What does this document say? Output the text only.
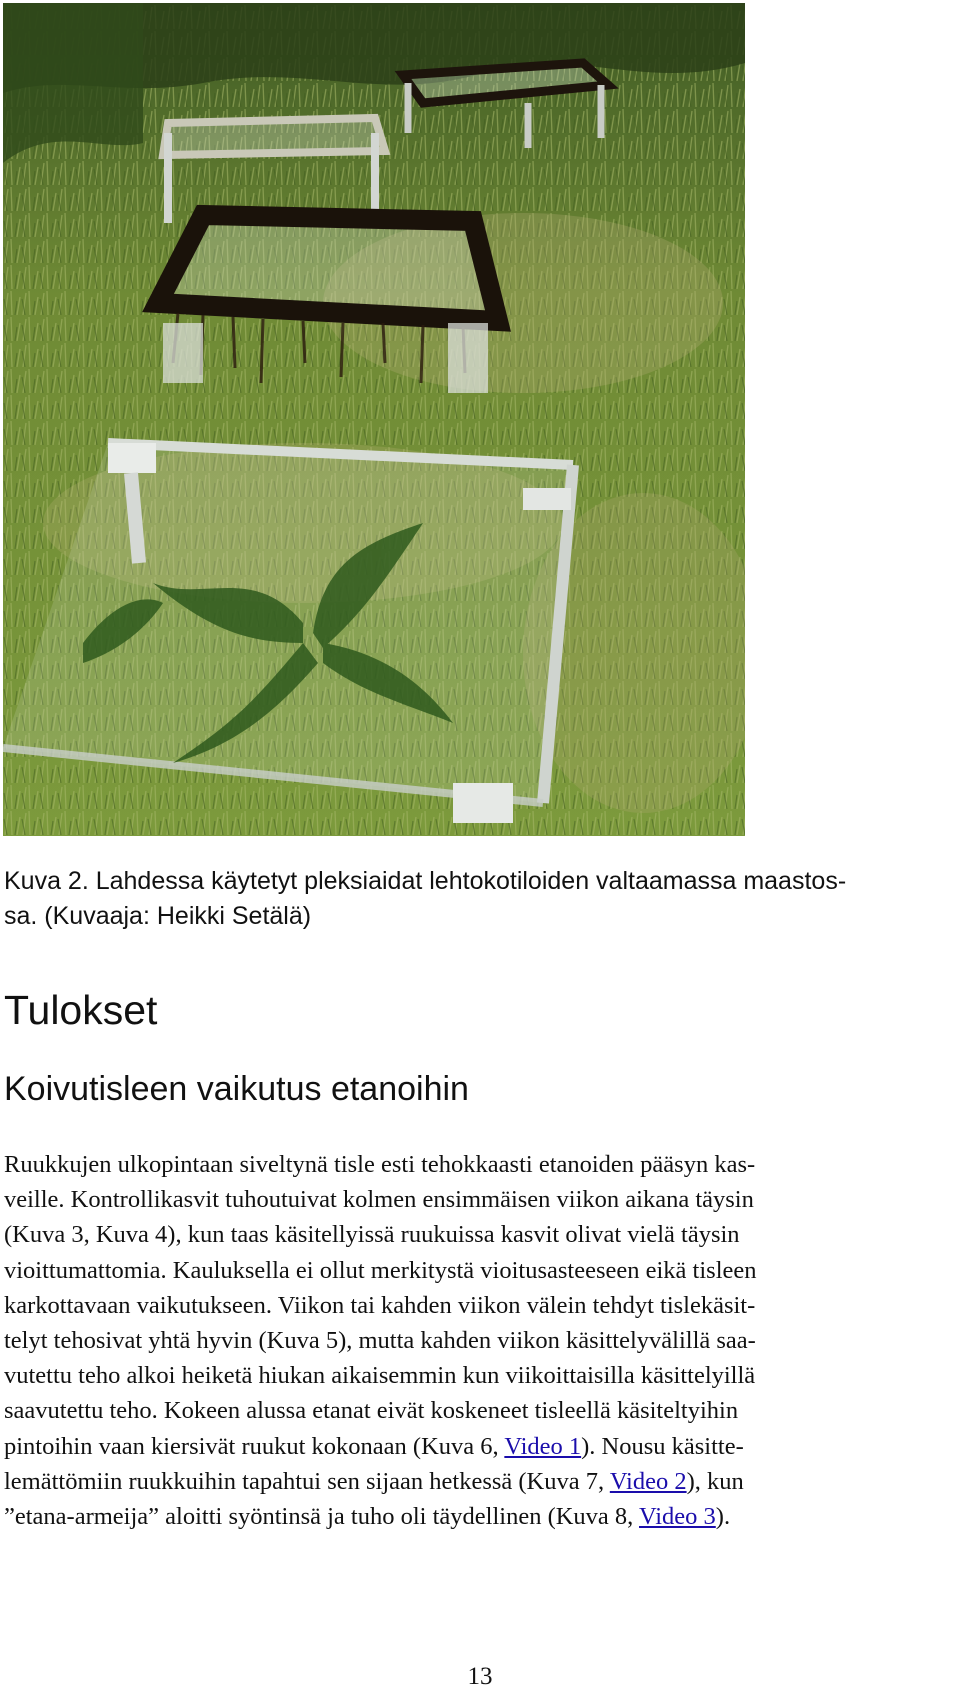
Kuva 2. Lahdessa käytetyt pleksiaidat lehtokotiloiden valtaamassa maastos-
sa. (Kuvaaja: Heikki Setälä)
Tulokset
Koivutisleen vaikutus etanoihin
Ruukkujen ulkopintaan siveltynä tisle esti tehokkaasti etanoiden pääsyn kas-
veille. Kontrollikasvit tuhoutuivat kolmen ensimmäisen viikon aikana täysin
(Kuva 3, Kuva 4), kun taas käsitellyissä ruukuissa kasvit olivat vielä täysin
vioittumattomia. Kauluksella ei ollut merkitystä vioitusasteeseen eikä tisleen
karkottavaan vaikutukseen. Viikon tai kahden viikon välein tehdyt tislekäsit-
telyt tehosivat yhtä hyvin (Kuva 5), mutta kahden viikon käsittelyvälillä saa-
vutettu teho alkoi heiketä hiukan aikaisemmin kun viikoittaisilla käsittelyillä
saavutettu teho. Kokeen alussa etanat eivät koskeneet tisleellä käsiteltyihin
pintoihin vaan kiersivät ruukut kokonaan (Kuva 6, Video 1). Nousu käsitte-
lemättömiin ruukkuihin tapahtui sen sijaan hetkessä (Kuva 7, Video 2), kun
”etana-armeija” aloitti syöntinsä ja tuho oli täydellinen (Kuva 8, Video 3).
13
